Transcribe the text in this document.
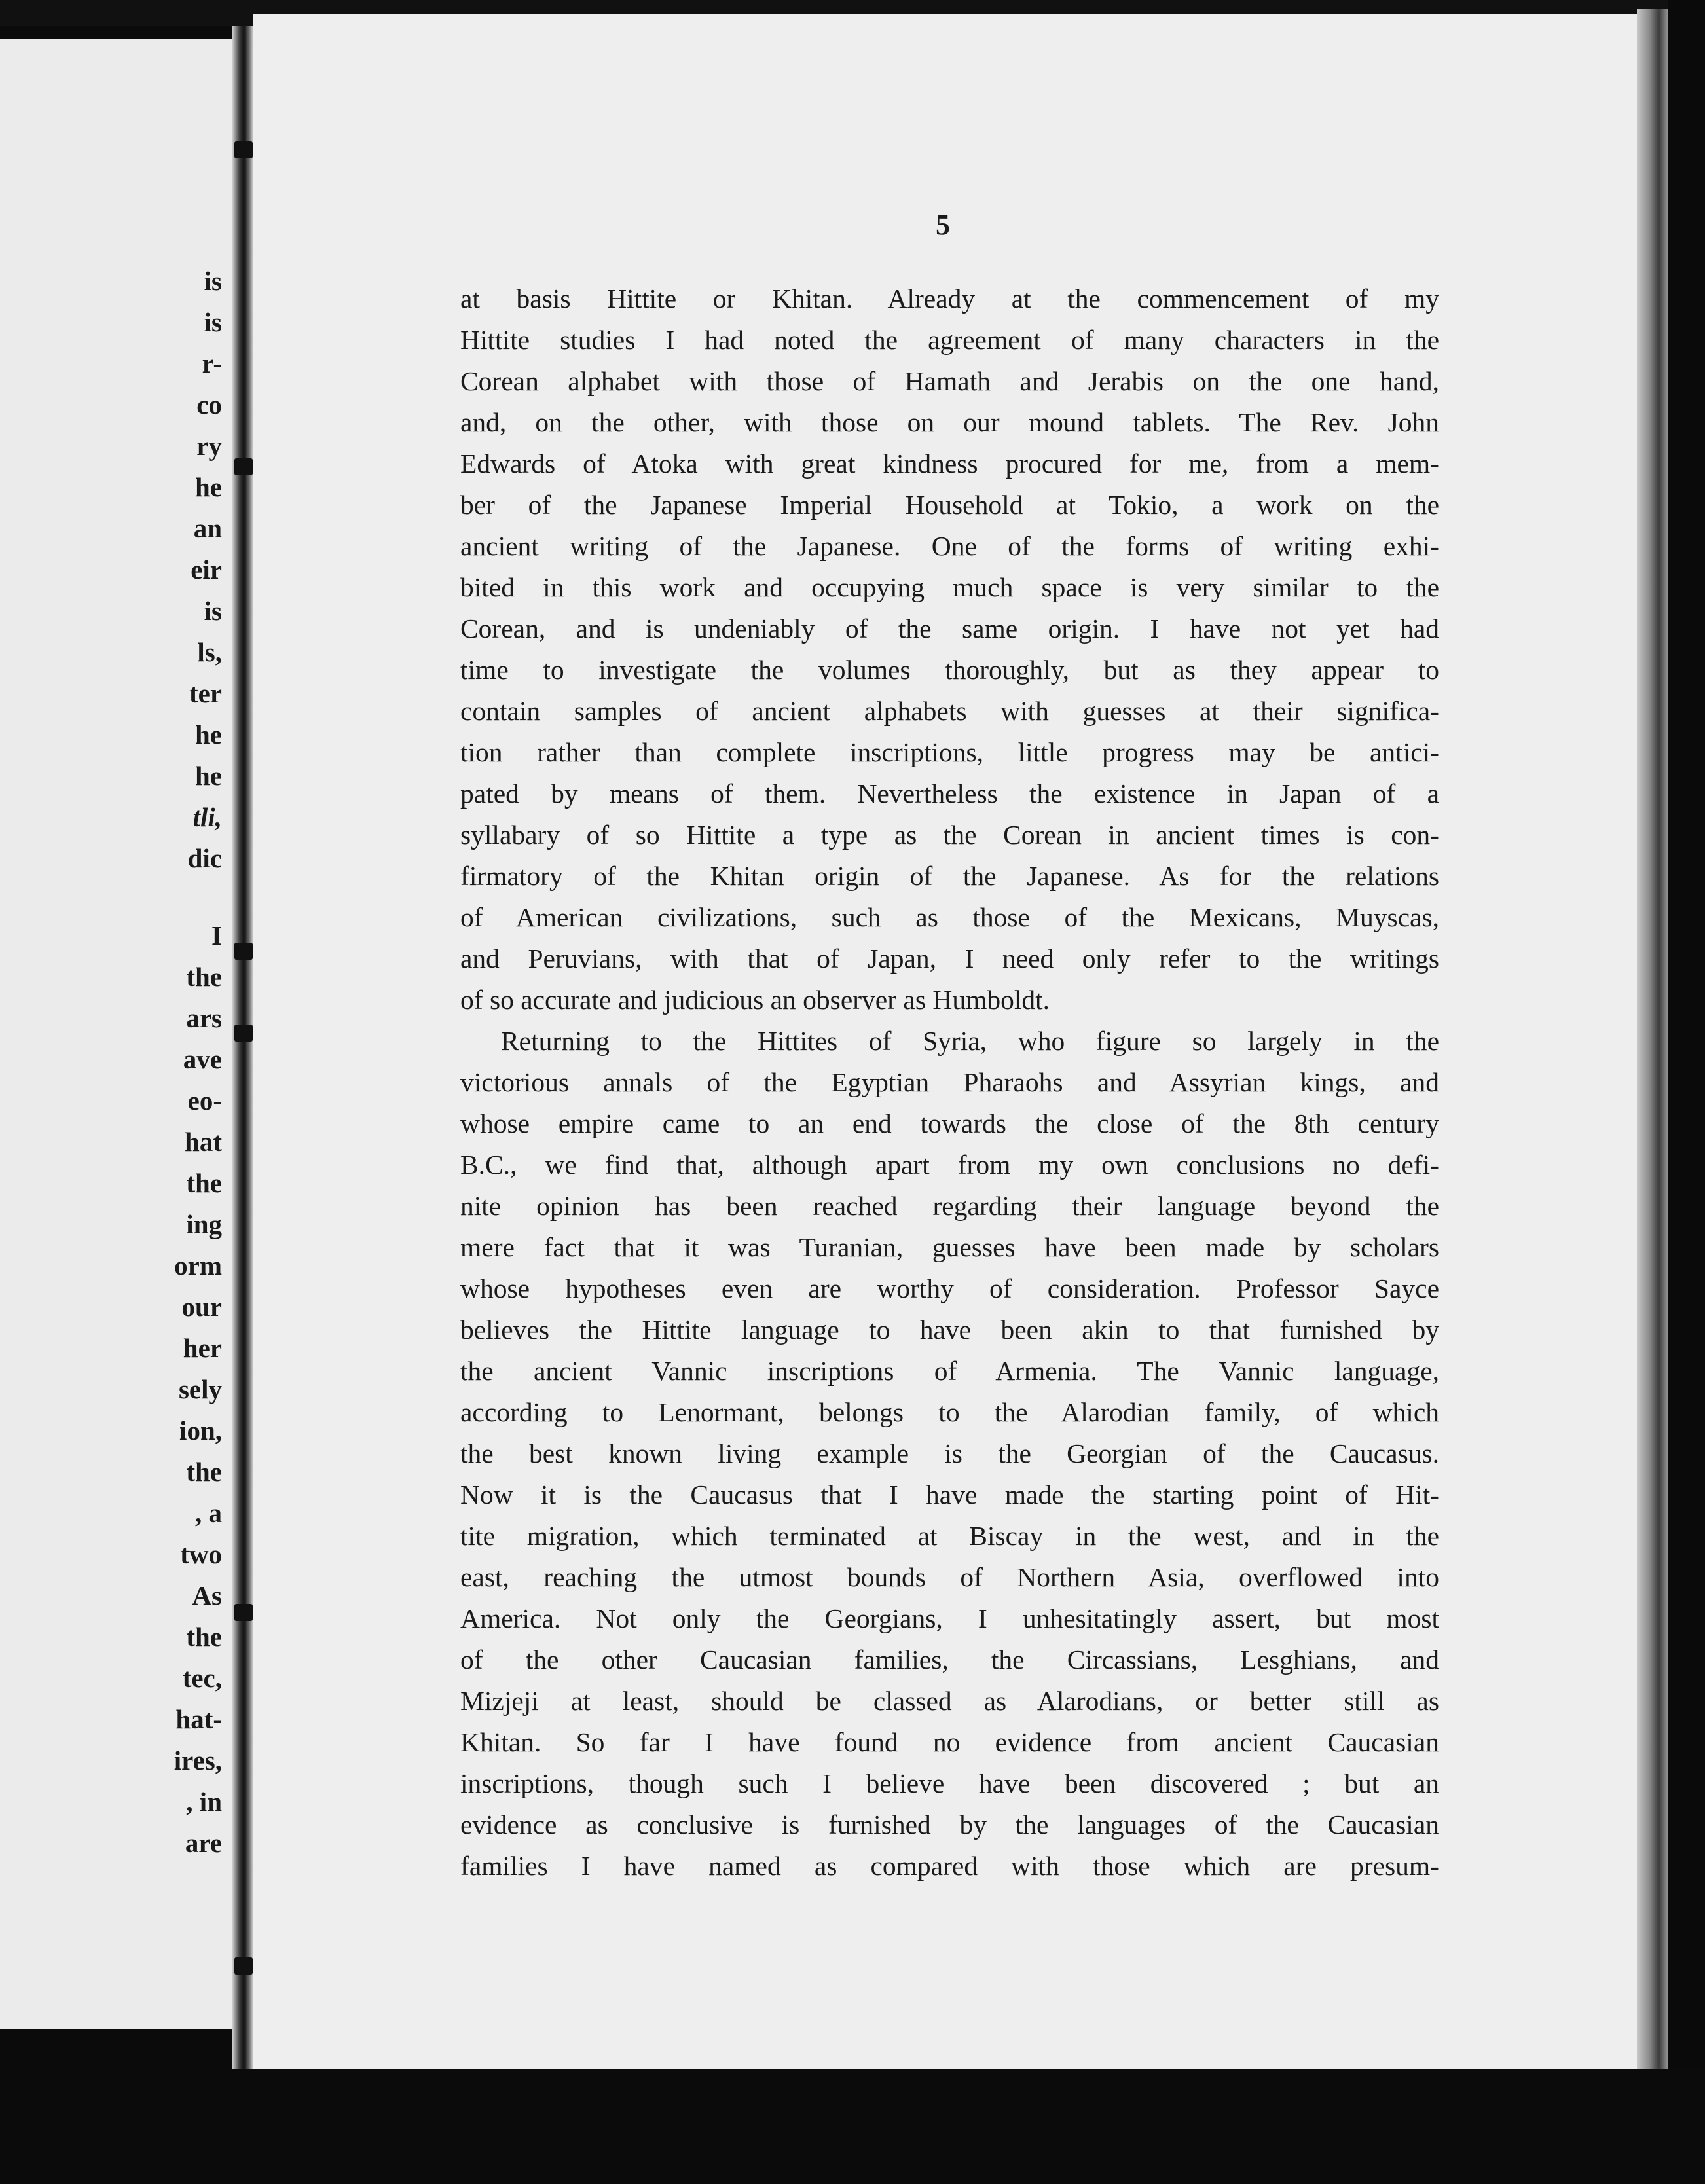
is
is
r-
co
ry
he
an
eir
is
ls,
ter
he
he
tli,
dic
I
the
ars
ave
eo-
hat
the
ing
orm
our
her
sely
ion,
the
, a
two
As
the
tec,
hat-
ires,
, in
are
5
at basis Hittite or Khitan. Already at the commencement of my
Hittite studies I had noted the agreement of many characters in the
Corean alphabet with those of Hamath and Jerabis on the one hand,
and, on the other, with those on our mound tablets. The Rev. John
Edwards of Atoka with great kindness procured for me, from a mem-
ber of the Japanese Imperial Household at Tokio, a work on the
ancient writing of the Japanese. One of the forms of writing exhi-
bited in this work and occupying much space is very similar to the
Corean, and is undeniably of the same origin. I have not yet had
time to investigate the volumes thoroughly, but as they appear to
contain samples of ancient alphabets with guesses at their significa-
tion rather than complete inscriptions, little progress may be antici-
pated by means of them. Nevertheless the existence in Japan of a
syllabary of so Hittite a type as the Corean in ancient times is con-
firmatory of the Khitan origin of the Japanese. As for the relations
of American civilizations, such as those of the Mexicans, Muyscas,
and Peruvians, with that of Japan, I need only refer to the writings
of so accurate and judicious an observer as Humboldt.
Returning to the Hittites of Syria, who figure so largely in the
victorious annals of the Egyptian Pharaohs and Assyrian kings, and
whose empire came to an end towards the close of the 8th century
B.C., we find that, although apart from my own conclusions no defi-
nite opinion has been reached regarding their language beyond the
mere fact that it was Turanian, guesses have been made by scholars
whose hypotheses even are worthy of consideration. Professor Sayce
believes the Hittite language to have been akin to that furnished by
the ancient Vannic inscriptions of Armenia. The Vannic language,
according to Lenormant, belongs to the Alarodian family, of which
the best known living example is the Georgian of the Caucasus.
Now it is the Caucasus that I have made the starting point of Hit-
tite migration, which terminated at Biscay in the west, and in the
east, reaching the utmost bounds of Northern Asia, overflowed into
America. Not only the Georgians, I unhesitatingly assert, but most
of the other Caucasian families, the Circassians, Lesghians, and
Mizjeji at least, should be classed as Alarodians, or better still as
Khitan. So far I have found no evidence from ancient Caucasian
inscriptions, though such I believe have been discovered ; but an
evidence as conclusive is furnished by the languages of the Caucasian
families I have named as compared with those which are presum-
